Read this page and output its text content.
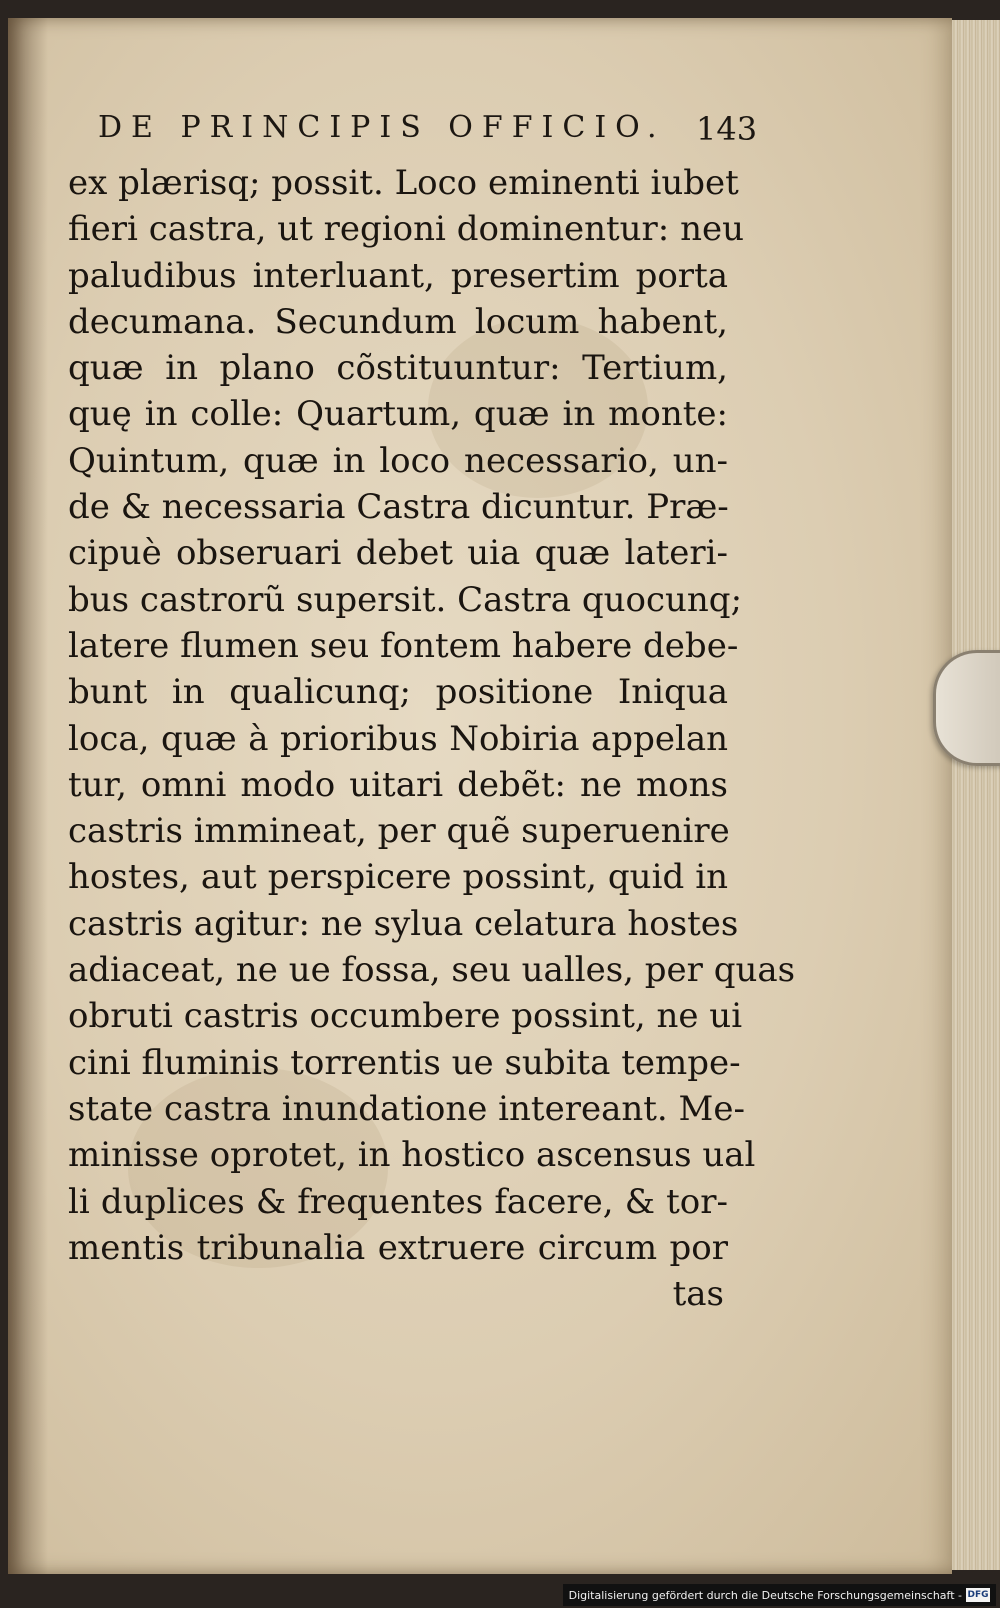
DE PRINCIPIS OFFICIO. 143
ex plærisq; possit. Loco eminenti iubet
fieri castra, ut regioni dominentur: neu
paludibus interluant, presertim porta
decumana. Secundum locum habent,
quæ in plano cõstituuntur: Tertium,
quę in colle: Quartum, quæ in monte:
Quintum, quæ in loco necessario, un-
de & necessaria Castra dicuntur. Præ-
cipuè obseruari debet uia quæ lateri-
bus castrorũ supersit. Castra quocunq;
latere flumen seu fontem habere debe-
bunt in qualicunq; positione Iniqua
loca, quæ à prioribus Nobiria appelan
tur, omni modo uitari debẽt: ne mons
castris immineat, per quẽ superuenire
hostes, aut perspicere possint, quid in
castris agitur: ne sylua celatura hostes
adiaceat, ne ue fossa, seu ualles, per quas
obruti castris occumbere possint, ne ui
cini fluminis torrentis ue subita tempe-
state castra inundatione intereant. Me-
minisse oprotet, in hostico ascensus ual
li duplices & frequentes facere, & tor-
mentis tribunalia extruere circum por
tas
Digitalisierung gefördert durch die Deutsche Forschungsgemeinschaft - DFG
